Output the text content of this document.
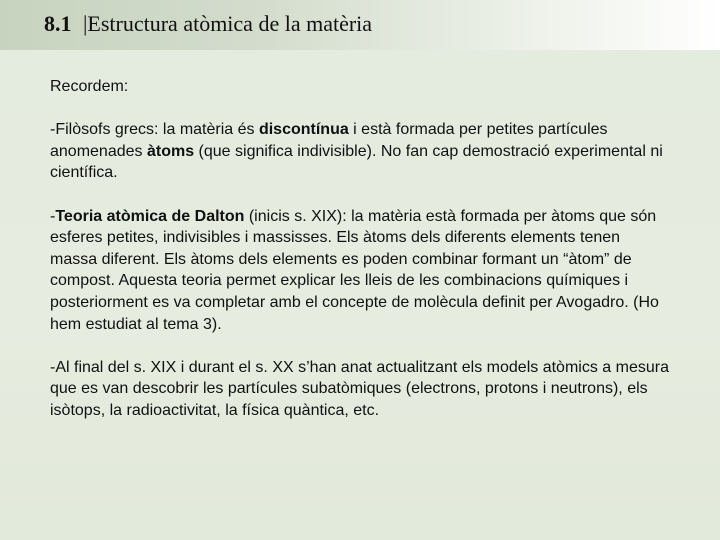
8.1 |Estructura atòmica de la matèria

Recordem:

-Filòsofs grecs: la matèria és discontínua i està formada per petites partícules anomenades àtoms (que significa indivisible). No fan cap demostració experimental ni científica.

-Teoria atòmica de Dalton (inicis s. XIX): la matèria està formada per àtoms que són esferes petites, indivisibles i massisses. Els àtoms dels diferents elements tenen massa diferent. Els àtoms dels elements es poden combinar formant un “àtom” de compost. Aquesta teoria permet explicar les lleis de les combinacions químiques i posteriorment es va completar amb el concepte de molècula definit per Avogadro. (Ho hem estudiat al tema 3).

-Al final del s. XIX i durant el s. XX s’han anat actualitzant els models atòmics a mesura que es van descobrir les partícules subatòmiques (electrons, protons i neutrons), els isòtops, la radioactivitat, la física quàntica, etc.
